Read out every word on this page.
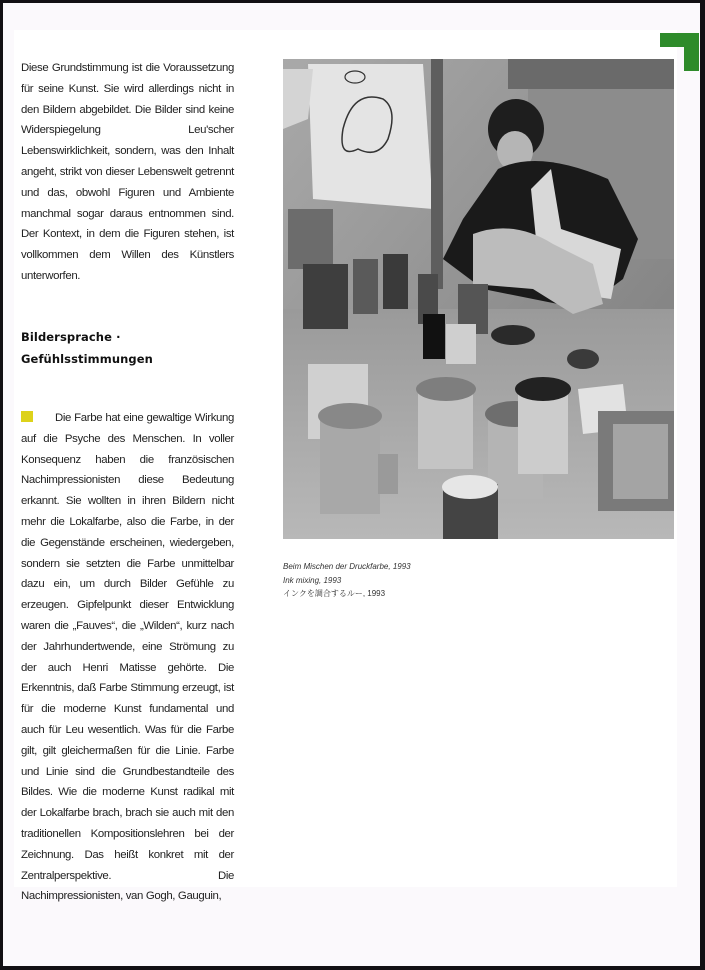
Diese Grundstimmung ist die Voraussetzung für seine Kunst. Sie wird allerdings nicht in den Bildern abgebildet. Die Bilder sind keine Widerspiegelung Leu'scher Lebenswirklichkeit, sondern, was den Inhalt angeht, strikt von dieser Lebenswelt getrennt und das, obwohl Figuren und Ambiente manchmal sogar daraus entnommen sind. Der Kontext, in dem die Figuren stehen, ist vollkommen dem Willen des Künstlers unterworfen.

Bildersprache ·
Gefühlsstimmungen

Die Farbe hat eine gewaltige Wirkung auf die Psyche des Menschen. In voller Konsequenz haben die französischen Nachimpressionisten diese Bedeutung erkannt. Sie wollten in ihren Bildern nicht mehr die Lokalfarbe, also die Farbe, in der die Gegenstände erscheinen, wiedergeben, sondern sie setzten die Farbe unmittelbar dazu ein, um durch Bilder Gefühle zu erzeugen. Gipfelpunkt dieser Entwicklung waren die „Fauves“, die „Wilden“, kurz nach der Jahrhundertwende, eine Strömung zu der auch Henri Matisse gehörte. Die Erkenntnis, daß Farbe Stimmung erzeugt, ist für die moderne Kunst fundamental und auch für Leu wesentlich. Was für die Farbe gilt, gilt gleichermaßen für die Linie. Farbe und Linie sind die Grundbestandteile des Bildes. Wie die moderne Kunst radikal mit der Lokalfarbe brach, brach sie auch mit den traditionellen Kompositionslehren bei der Zeichnung. Das heißt konkret mit der Zentralperspektive. Die Nachimpressionisten, van Gogh, Gauguin,

Beim Mischen der Druckfarbe, 1993
Ink mixing, 1993
インクを調合するルー, 1993
